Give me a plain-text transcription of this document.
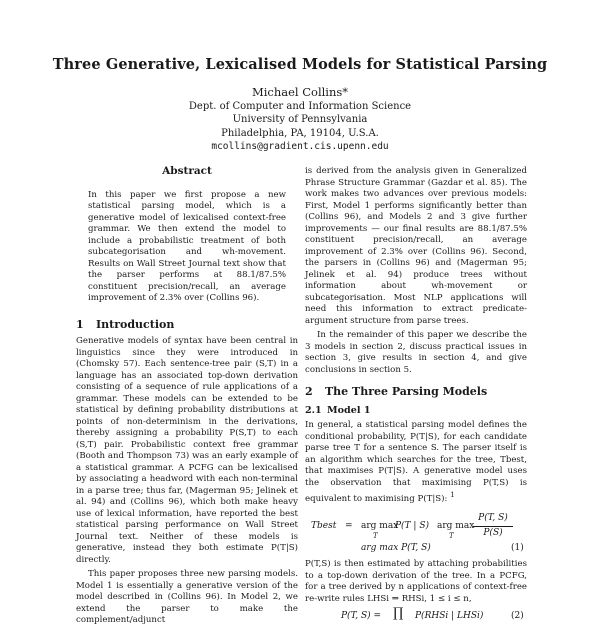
Three Generative, Lexicalised Models for Statistical Parsing
Michael Collins*
Dept. of Computer and Information Science
University of Pennsylvania
Philadelphia, PA, 19104, U.S.A.
mcollins@gradient.cis.upenn.edu
Abstract

In this paper we first propose a new statistical parsing model, which is a generative model of lexicalised context-free grammar. We then extend the model to include a probabilistic treatment of both subcategorisation and wh-movement. Results on Wall Street Journal text show that the parser performs at 88.1/87.5% constituent precision/recall, an average improvement of 2.3% over (Collins 96).

1 Introduction

Generative models of syntax have been central in linguistics since they were introduced in (Chomsky 57). Each sentence-tree pair (S,T) in a language has an associated top-down derivation consisting of a sequence of rule applications of a grammar. These models can be extended to be statistical by defining probability distributions at points of non-determinism in the derivations, thereby assigning a probability P(S,T) to each (S,T) pair. Probabilistic context free grammar (Booth and Thompson 73) was an early example of a statistical grammar. A PCFG can be lexicalised by associating a headword with each non-terminal in a parse tree; thus far, (Magerman 95; Jelinek et al. 94) and (Collins 96), which both make heavy use of lexical information, have reported the best statistical parsing performance on Wall Street Journal text. Neither of these models is generative, instead they both estimate P(T|S) directly.

This paper proposes three new parsing models. Model 1 is essentially a generative version of the model described in (Collins 96). In Model 2, we extend the parser to make the complement/adjunct

is derived from the analysis given in Generalized Phrase Structure Grammar (Gazdar et al. 85). The work makes two advances over previous models: First, Model 1 performs significantly better than (Collins 96), and Models 2 and 3 give further improvements — our final results are 88.1/87.5% constituent precision/recall, an average improvement of 2.3% over (Collins 96). Second, the parsers in (Collins 96) and (Magerman 95; Jelinek et al. 94) produce trees without information about wh-movement or subcategorisation. Most NLP applications will need this information to extract predicate-argument structure from parse trees.

In the remainder of this paper we describe the 3 models in section 2, discuss practical issues in section 3, give results in section 4, and give conclusions in section 5.

2 The Three Parsing Models
2.1 Model 1

In general, a statistical parsing model defines the conditional probability, P(T|S), for each candidate parse tree T for a sentence S. The parser itself is an algorithm which searches for the tree, Tbest, that maximises P(T|S). A generative model uses the observation that maximising P(T,S) is equivalent to maximising P(T|S): $^1$

Tbest = arg max
T
P(T | S) arg max
T
P(T, S)
P(S)
arg max P(T, S)	(1)

P(T,S) is then estimated by attaching probabilities to a top-down derivation of the tree. In a PCFG, for a tree derived by n applications of context-free re-write rules LHSi ⇒ RHSi, 1 ≤ i ≤ n,

P(T, S) = ∏ P(RHSi | LHSi)	(2)
